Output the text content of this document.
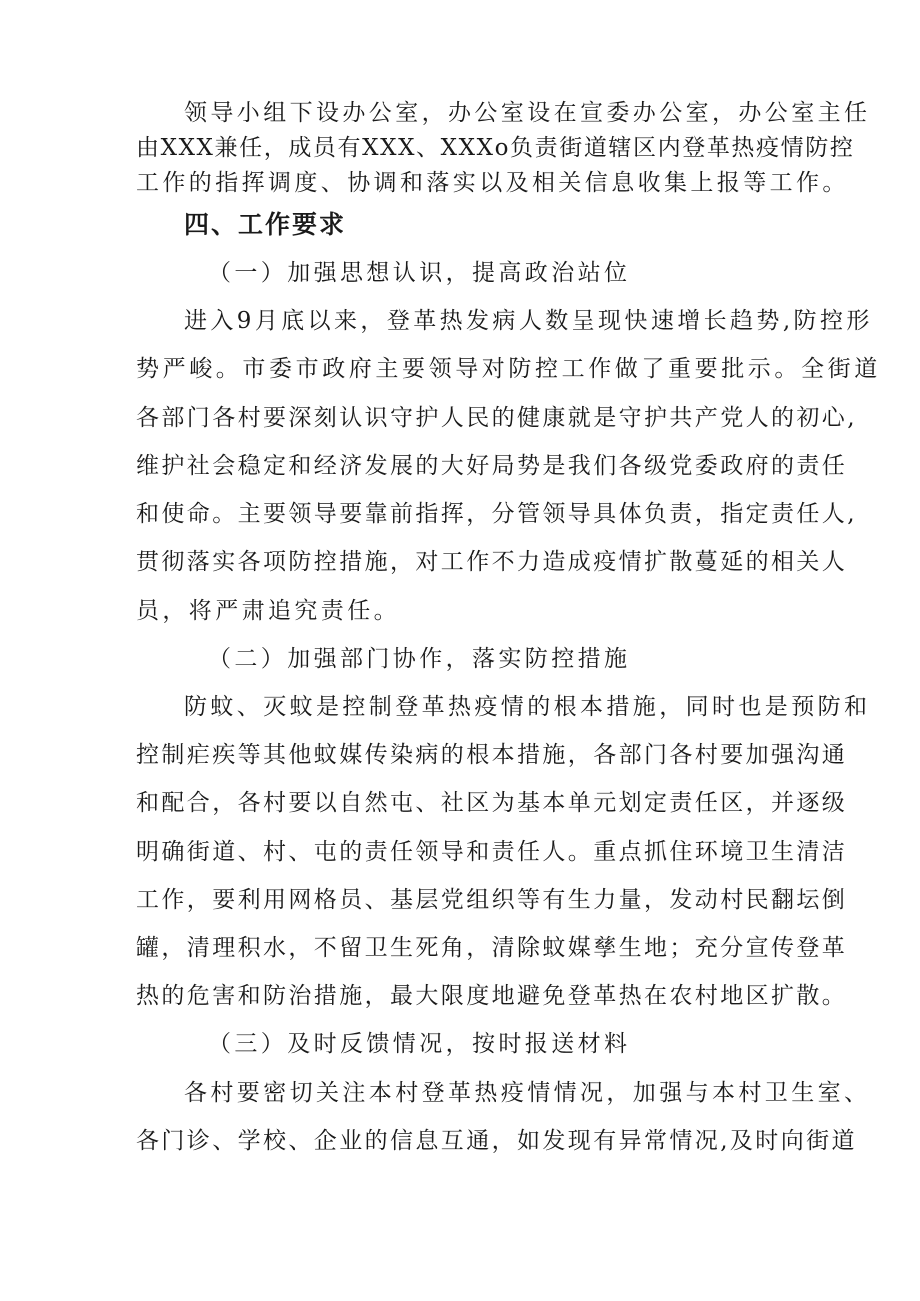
领导小组下设办公室，办公室设在宣委办公室，办公室主任
由XXX兼任，成员有XXX、XXXo负责街道辖区内登革热疫情防控
工作的指挥调度、协调和落实以及相关信息收集上报等工作。
四、工作要求
（一）加强思想认识，提高政治站位
进入9月底以来，登革热发病人数呈现快速增长趋势,防控形
势严峻。市委市政府主要领导对防控工作做了重要批示。全街道
各部门各村要深刻认识守护人民的健康就是守护共产党人的初心,
维护社会稳定和经济发展的大好局势是我们各级党委政府的责任
和使命。主要领导要靠前指挥，分管领导具体负责，指定责任人,
贯彻落实各项防控措施，对工作不力造成疫情扩散蔓延的相关人
员，将严肃追究责任。
（二）加强部门协作，落实防控措施
防蚊、灭蚊是控制登革热疫情的根本措施，同时也是预防和
控制疟疾等其他蚊媒传染病的根本措施，各部门各村要加强沟通
和配合，各村要以自然屯、社区为基本单元划定责任区，并逐级
明确街道、村、屯的责任领导和责任人。重点抓住环境卫生清洁
工作，要利用网格员、基层党组织等有生力量，发动村民翻坛倒
罐，清理积水，不留卫生死角，清除蚊媒孳生地；充分宣传登革
热的危害和防治措施，最大限度地避免登革热在农村地区扩散。
（三）及时反馈情况，按时报送材料
各村要密切关注本村登革热疫情情况，加强与本村卫生室、
各门诊、学校、企业的信息互通，如发现有异常情况,及时向街道
